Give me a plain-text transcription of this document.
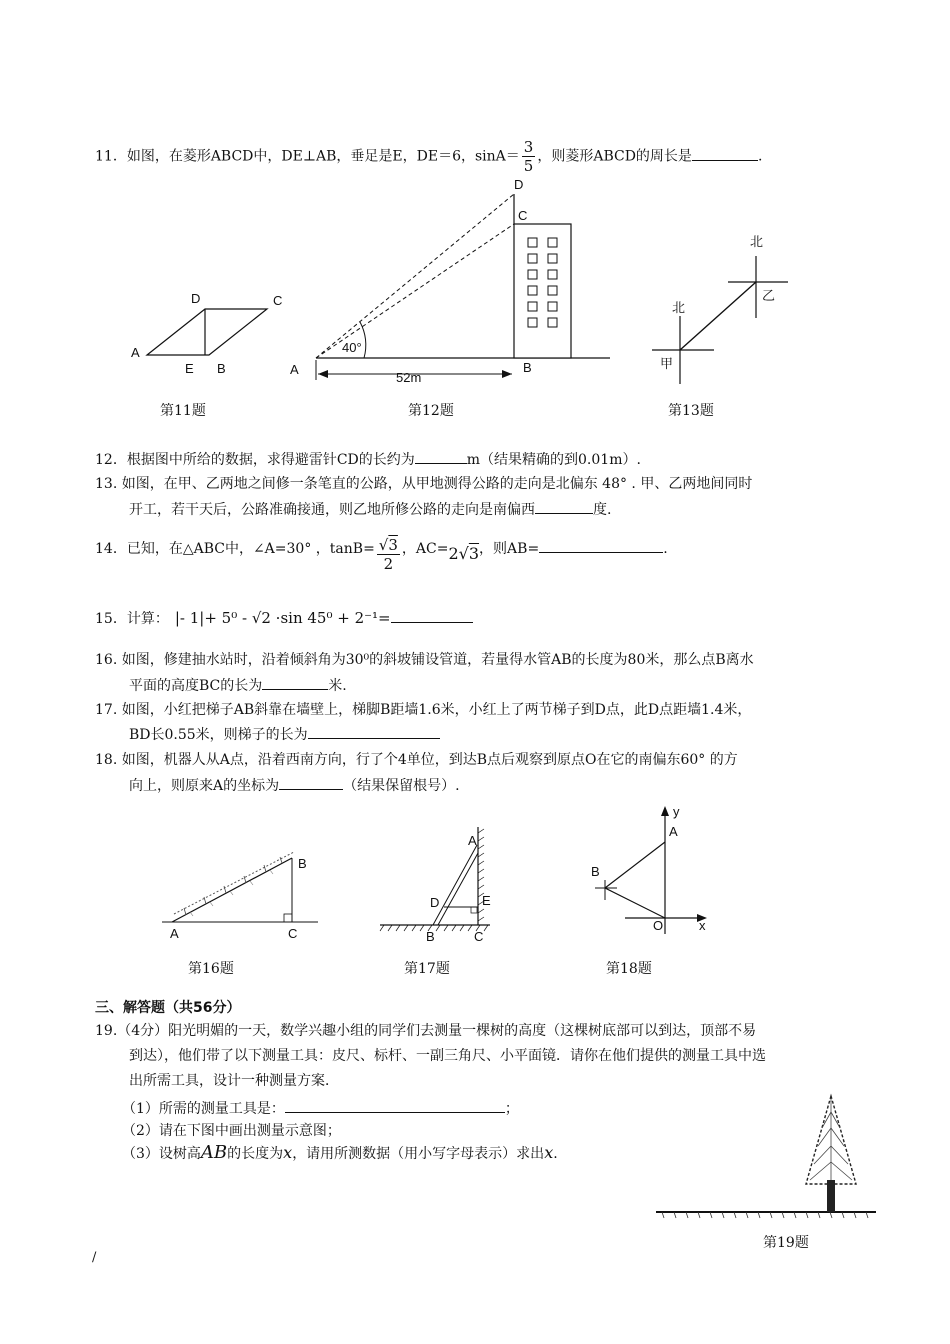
11．如图，在菱形ABCD中，DE⊥AB，垂足是E，DE＝6，$\sin A= \frac{3}{5}$ ，则菱形ABCD的周长是	.
A
D	C
E B
第11题
D
C
A	B
40°
52m
第12题
北
北
甲
乙
第13题
12．根据图中所给的数据，求得避雷针CD的长约为	m（结果精确的到0.01m）.
13. 如图，在甲、乙两地之间修一条笔直的公路，从甲地测得公路的走向是北偏东 48° . 甲、乙两地间同时
开工，若干天后，公路准确接通，则乙地所修公路的走向是南偏西	度.
14．已知，在△ABC中，∠A=30° ，$\tan B= \frac{√3}{2}$ ，AC=2√3，则AB=	.
15．计算： |- 1|+ 5⁰ - √2 ·sin 45⁰ + 2⁻¹=
16. 如图，修建抽水站时，沿着倾斜角为30⁰的斜坡铺设管道，若量得水管AB的长度为80米，那么点B离水
平面的高度BC的长为	米.
17. 如图，小红把梯子AB斜靠在墙壁上，梯脚B距墙1.6米，小红上了两节梯子到D点，此D点距墙1.4米，
BD长0.55米，则梯子的长为
18. 如图，机器人从A点，沿着西南方向，行了个4单位，到达B点后观察到原点O在它的南偏东60° 的方
向上，则原来A的坐标为	（结果保留根号）.
A
B
C
第16题
A
D	E
B	C
第17题
A
B
O	x
y
第18题
三、解答题（共56分）
19.（4分）阳光明媚的一天，数学兴趣小组的同学们去测量一棵树的高度（这棵树底部可以到达，顶部不易
到达），他们带了以下测量工具：皮尺、标杆、一副三角尺、小平面镜．请你在他们提供的测量工具中选
出所需工具，设计一种测量方案．
（1）所需的测量工具是：	；
（2）请在下图中画出测量示意图；
（3）设树高AB的长度为x，请用所测数据（用小写字母表示）求出x.
第19题
/
